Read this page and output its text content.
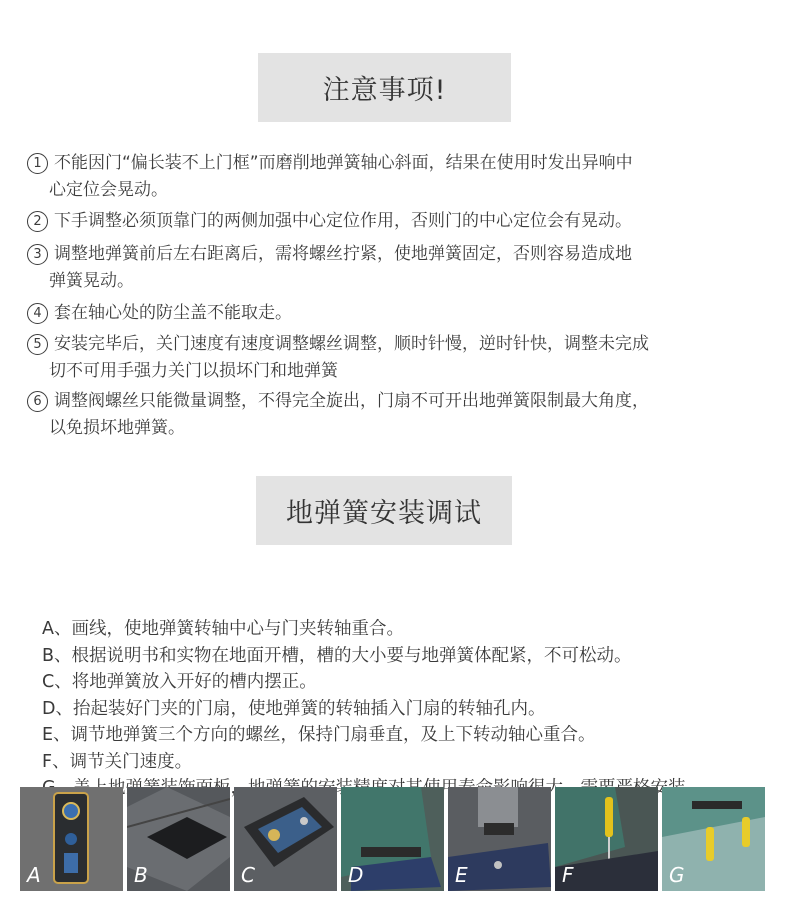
注意事项!
1 不能因门“偏长装不上门框”而磨削地弹簧轴心斜面，结果在使用时发出异响中
心定位会晃动。
2 下手调整必须顶靠门的两侧加强中心定位作用，否则门的中心定位会有晃动。
3 调整地弹簧前后左右距离后，需将螺丝拧紧，使地弹簧固定，否则容易造成地
弹簧晃动。
4 套在轴心处的防尘盖不能取走。
5 安装完毕后，关门速度有速度调整螺丝调整，顺时针慢，逆时针快，调整未完成
切不可用手强力关门以损坏门和地弹簧
6 调整阀螺丝只能微量调整，不得完全旋出，门扇不可开出地弹簧限制最大角度，
以免损坏地弹簧。
地弹簧安装调试
A、画线，使地弹簧转轴中心与门夹转轴重合。
B、根据说明书和实物在地面开槽，槽的大小要与地弹簧体配紧，不可松动。
C、将地弹簧放入开好的槽内摆正。
D、抬起装好门夹的门扇，使地弹簧的转轴插入门扇的转轴孔内。
E、调节地弹簧三个方向的螺丝，保持门扇垂直，及上下转动轴心重合。
F、调节关门速度。
A	B	C	D	E	F	G
